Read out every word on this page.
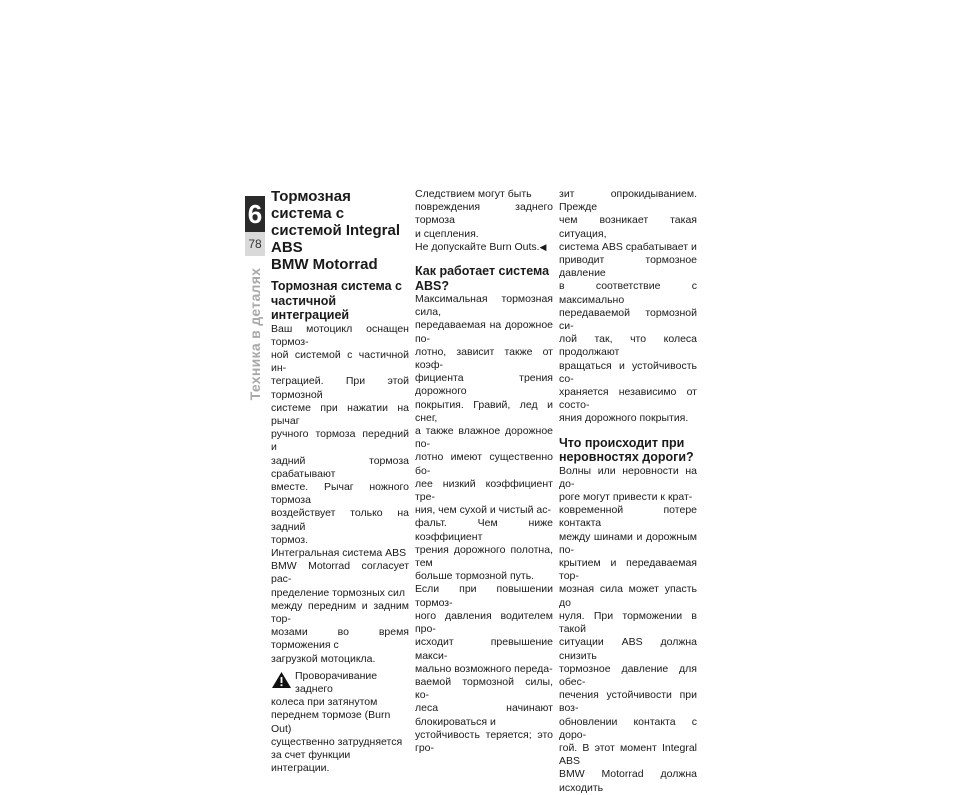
6
78
Техника в деталях
Тормозная система с
системой Integral ABS
BMW Motorrad
Тормозная система с
частичной интеграцией

Ваш мотоцикл оснащен тормоз-
ной системой с частичной ин-
теграцией. При этой тормозной
системе при нажатии на рычаг
ручного тормоза передний и
задний тормоза срабатывают
вместе. Рычаг ножного тормоза
воздействует только на задний
тормоз.

Интегральная система ABS
BMW Motorrad согласует рас-
пределение тормозных сил
между передним и задним тор-
мозами во время торможения с
загрузкой мотоцикла.

Проворачивание заднего
колеса при затянутом
переднем тормозе (Burn Out)
существенно затрудняется
за счет функции интеграции.

Следствием могут быть
повреждения заднего тормоза
и сцепления.
Не допускайте Burn Outs.◀

Как работает система
ABS?

Максимальная тормозная сила,
передаваемая на дорожное по-
лотно, зависит также от коэф-
фициента трения дорожного
покрытия. Гравий, лед и снег,
а также влажное дорожное по-
лотно имеют существенно бо-
лее низкий коэффициент тре-
ния, чем сухой и чистый ас-
фальт. Чем ниже коэффициент
трения дорожного полотна, тем
больше тормозной путь.

Если при повышении тормоз-
ного давления водителем про-
исходит превышение макси-
мально возможного переда-
ваемой тормозной силы, ко-
леса начинают блокироваться и
устойчивость теряется; это гро-

зит опрокидыванием. Прежде
чем возникает такая ситуация,
система ABS срабатывает и
приводит тормозное давление
в соответствие с максимально
передаваемой тормозной си-
лой так, что колеса продолжают
вращаться и устойчивость со-
храняется независимо от состо-
яния дорожного покрытия.

Что происходит при
неровностях дороги?

Волны или неровности на до-
роге могут привести к крат-
ковременной потере контакта
между шинами и дорожным по-
крытием и передаваемая тор-
мозная сила может упасть до
нуля. При торможении в такой
ситуации ABS должна снизить
тормозное давление для обес-
печения устойчивости при воз-
обновлении контакта с доро-
гой. В этот момент Integral ABS
BMW Motorrad должна исходить
